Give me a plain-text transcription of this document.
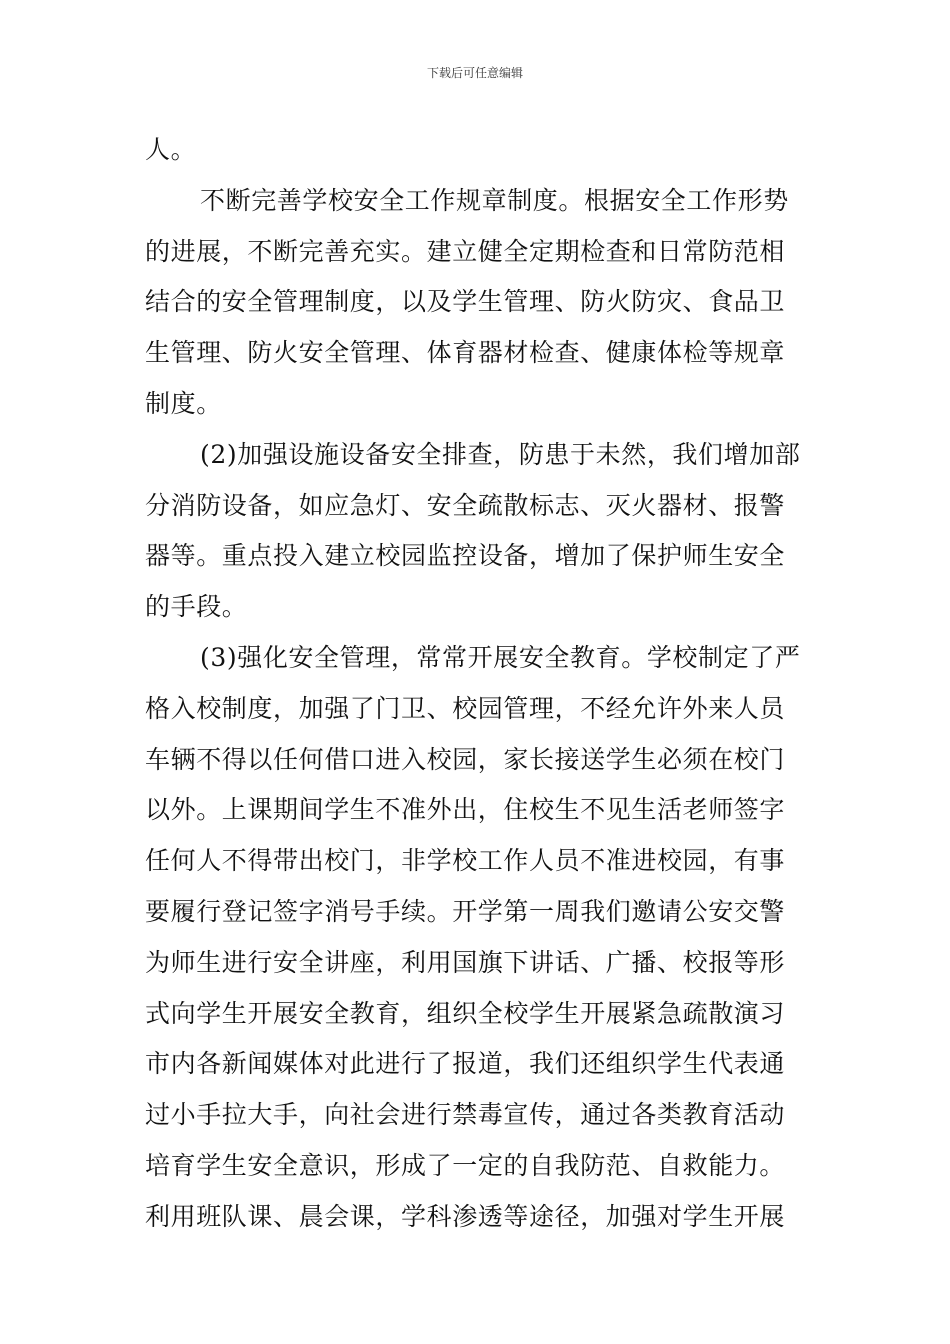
下载后可任意编辑
人。
不断完善学校安全工作规章制度。根据安全工作形势
的进展，不断完善充实。建立健全定期检查和日常防范相
结合的安全管理制度，以及学生管理、防火防灾、食品卫
生管理、防火安全管理、体育器材检查、健康体检等规章
制度。
(2)加强设施设备安全排查，防患于未然，我们增加部
分消防设备，如应急灯、安全疏散标志、灭火器材、报警
器等。重点投入建立校园监控设备，增加了保护师生安全
的手段。
(3)强化安全管理，常常开展安全教育。学校制定了严
格入校制度，加强了门卫、校园管理，不经允许外来人员
车辆不得以任何借口进入校园，家长接送学生必须在校门
以外。上课期间学生不准外出，住校生不见生活老师签字
任何人不得带出校门，非学校工作人员不准进校园，有事
要履行登记签字消号手续。开学第一周我们邀请公安交警
为师生进行安全讲座，利用国旗下讲话、广播、校报等形
式向学生开展安全教育，组织全校学生开展紧急疏散演习
市内各新闻媒体对此进行了报道，我们还组织学生代表通
过小手拉大手，向社会进行禁毒宣传，通过各类教育活动
培育学生安全意识，形成了一定的自我防范、自救能力。
利用班队课、晨会课，学科渗透等途径，加强对学生开展
